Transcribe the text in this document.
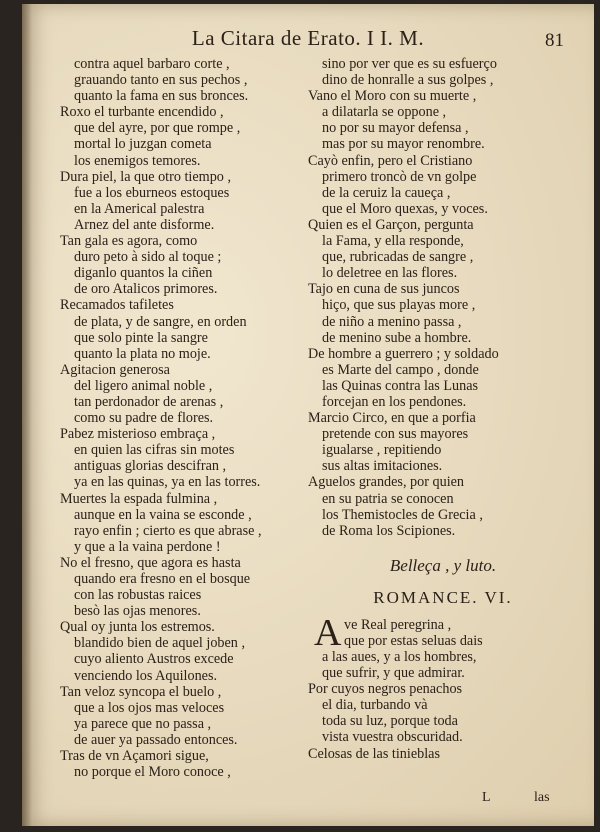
La Citara de Erato. I I. M.	81
contra aquel barbaro corte ,
grauando tanto en sus pechos ,
quanto la fama en sus bronces.
Roxo el turbante encendido ,
que del ayre, por que rompe ,
mortal lo juzgan cometa
los enemigos temores.
Dura piel, la que otro tiempo ,
fue a los eburneos estoques
en la Americal palestra
Arnez del ante disforme.
Tan gala es agora, como
duro peto à sido al toque ;
diganlo quantos la ciñen
de oro Atalicos primores.
Recamados tafiletes
de plata, y de sangre, en orden
que solo pinte la sangre
quanto la plata no moje.
Agitacion generosa
del ligero animal noble ,
tan perdonador de arenas ,
como su padre de flores.
Pabez misterioso embraça ,
en quien las cifras sin motes
antiguas glorias descifran ,
ya en las quinas, ya en las torres.
Muertes la espada fulmina ,
aunque en la vaina se esconde ,
rayo enfin ; cierto es que abrase ,
y que a la vaina perdone !
No el fresno, que agora es hasta
quando era fresno en el bosque
con las robustas raices
besò las ojas menores.
Qual oy junta los estremos.
blandido bien de aquel joben ,
cuyo aliento Austros excede
venciendo los Aquilones.
Tan veloz syncopa el buelo ,
que a los ojos mas veloces
ya parece que no passa ,
de auer ya passado entonces.
Tras de vn Açamori sigue,
no porque el Moro conoce ,
sino por ver que es su esfuerço
dino de honralle a sus golpes ,
Vano el Moro con su muerte ,
a dilatarla se oppone ,
no por su mayor defensa ,
mas por su mayor renombre.
Cayò enfin, pero el Cristiano
primero troncò de vn golpe
de la ceruiz la caueça ,
que el Moro quexas, y voces.
Quien es el Garçon, pergunta
la Fama, y ella responde,
que, rubricadas de sangre ,
lo deletree en las flores.
Tajo en cuna de sus juncos
hiço, que sus playas more ,
de niño a menino passa ,
de menino sube a hombre.
De hombre a guerrero ; y soldado
es Marte del campo , donde
las Quinas contra las Lunas
forcejan en los pendones.
Marcio Circo, en que a porfia
pretende con sus mayores
igualarse , repitiendo
sus altas imitaciones.
Aguelos grandes, por quien
en su patria se conocen
los Themistocles de Grecia ,
de Roma los Scipiones.
Belleça , y luto.
ROMANCE. VI.
A ve Real peregrina ,
que por estas seluas dais
a las aues, y a los hombres,
que sufrir, y que admirar.
Por cuyos negros penachos
el dia, turbando và
toda su luz, porque toda
vista vuestra obscuridad.
Celosas de las tinieblas
L	las
